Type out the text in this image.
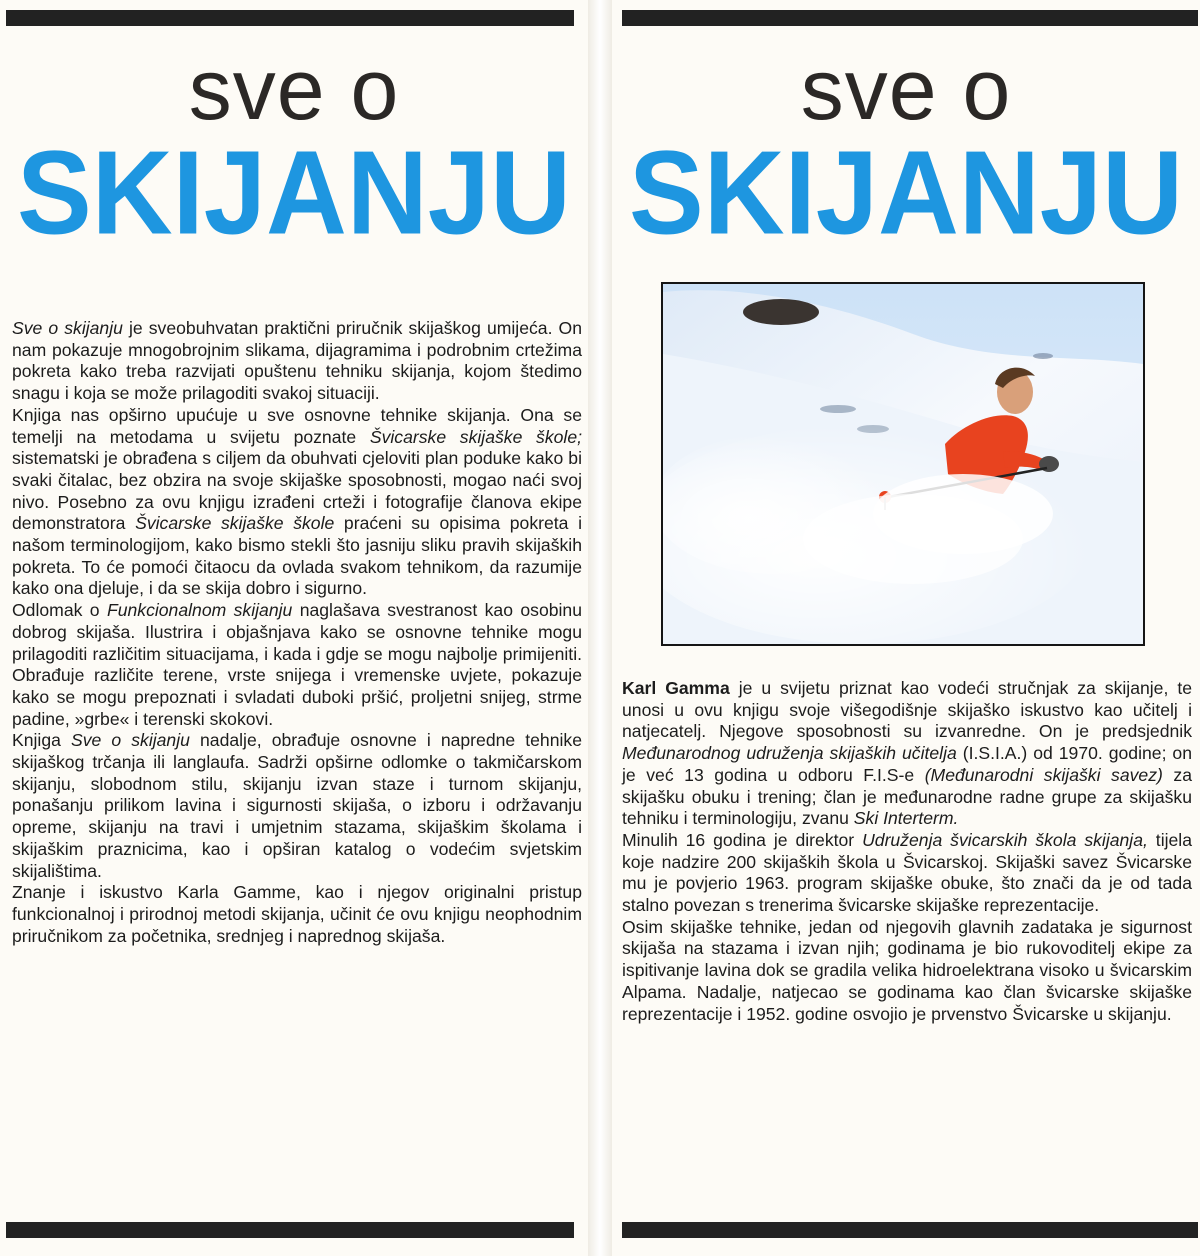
sve o
SKIJANJU

Sve o skijanju je sveobuhvatan praktični priručnik skijaškog umijeća. On nam pokazuje mnogobrojnim slikama, dijagramima i podrobnim crtežima pokreta kako treba razvijati opuštenu tehniku skijanja, kojom štedimo snagu i koja se može prilagoditi svakoj situaciji.

Knjiga nas opširno upućuje u sve osnovne tehnike skijanja. Ona se temelji na metodama u svijetu poznate Švicarske skijaške škole; sistematski je obrađena s ciljem da obuhvati cjeloviti plan poduke kako bi svaki čitalac, bez obzira na svoje skijaške sposobnosti, mogao naći svoj nivo. Posebno za ovu knjigu izrađeni crteži i fotografije članova ekipe demonstratora Švicarske skijaške škole praćeni su opisima pokreta i našom terminologijom, kako bismo stekli što jasniju sliku pravih skijaških pokreta. To će pomoći čitaocu da ovlada svakom tehnikom, da razumije kako ona djeluje, i da se skija dobro i sigurno.

Odlomak o Funkcionalnom skijanju naglašava svestranost kao osobinu dobrog skijaša. Ilustrira i objašnjava kako se osnovne tehnike mogu prilagoditi različitim situacijama, i kada i gdje se mogu najbolje primijeniti. Obrađuje različite terene, vrste snijega i vremenske uvjete, pokazuje kako se mogu prepoznati i svladati duboki pršić, proljetni snijeg, strme padine, »grbe« i terenski skokovi.

Knjiga Sve o skijanju nadalje, obrađuje osnovne i napredne tehnike skijaškog trčanja ili langlaufa. Sadrži opširne odlomke o takmičarskom skijanju, slobodnom stilu, skijanju izvan staze i turnom skijanju, ponašanju prilikom lavina i sigurnosti skijaša, o izboru i održavanju opreme, skijanju na travi i umjetnim stazama, skijaškim školama i skijaškim praznicima, kao i opširan katalog o vodećim svjetskim skijalištima.

Znanje i iskustvo Karla Gamme, kao i njegov originalni pristup funkcionalnoj i prirodnoj metodi skijanja, učinit će ovu knjigu neophodnim priručnikom za početnika, srednjeg i naprednog skijaša.

sve o
SKIJANJU

Karl Gamma je u svijetu priznat kao vodeći stručnjak za skijanje, te unosi u ovu knjigu svoje višegodišnje skijaško iskustvo kao učitelj i natjecatelj. Njegove sposobnosti su izvanredne. On je predsjednik Međunarodnog udruženja skijaških učitelja (I.S.I.A.) od 1970. godine; on je već 13 godina u odboru F.I.S-e (Međunarodni skijaški savez) za skijašku obuku i trening; član je međunarodne radne grupe za skijašku tehniku i terminologiju, zvanu Ski Interterm.

Minulih 16 godina je direktor Udruženja švicarskih škola skijanja, tijela koje nadzire 200 skijaških škola u Švicarskoj. Skijaški savez Švicarske mu je povjerio 1963. program skijaške obuke, što znači da je od tada stalno povezan s trenerima švicarske skijaške reprezentacije.

Osim skijaške tehnike, jedan od njegovih glavnih zadataka je sigurnost skijaša na stazama i izvan njih; godinama je bio rukovoditelj ekipe za ispitivanje lavina dok se gradila velika hidroelektrana visoko u švicarskim Alpama. Nadalje, natjecao se godinama kao član švicarske skijaške reprezentacije i 1952. godine osvojio je prvenstvo Švicarske u skijanju.
